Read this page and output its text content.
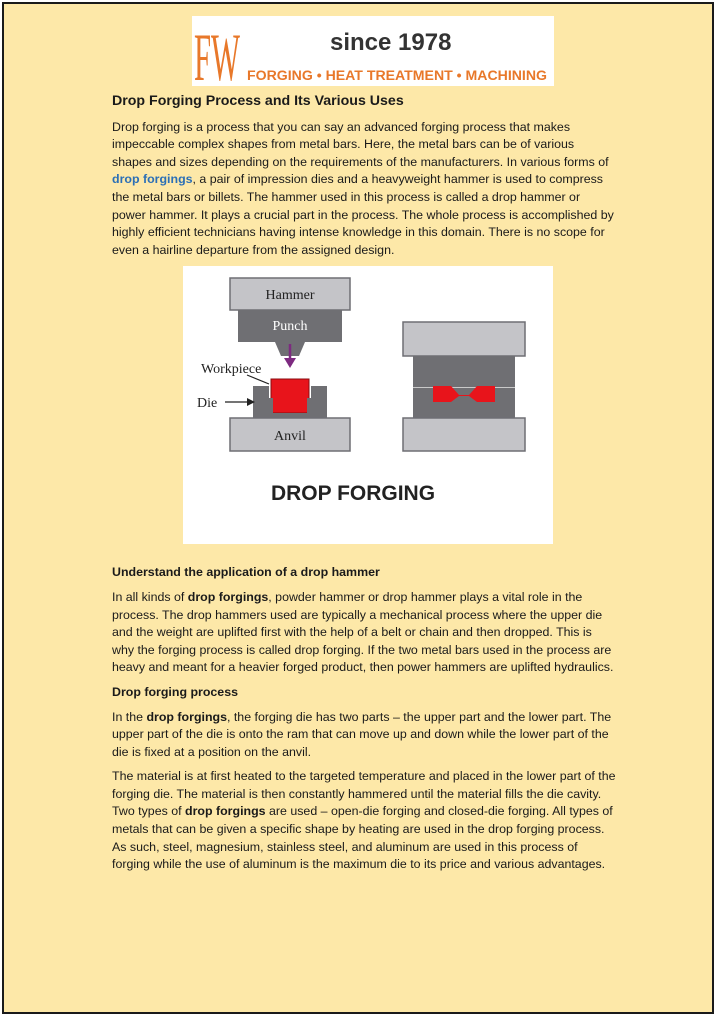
FW	since 1978
FORGING • HEAT TREATMENT • MACHINING
Drop Forging Process and Its Various Uses

Drop forging is a process that you can say an advanced forging process that makes impeccable complex shapes from metal bars. Here, the metal bars can be of various shapes and sizes depending on the requirements of the manufacturers. In various forms of drop forgings, a pair of impression dies and a heavyweight hammer is used to compress the metal bars or billets. The hammer used in this process is called a drop hammer or power hammer. It plays a crucial part in the process. The whole process is accomplished by highly efficient technicians having intense knowledge in this domain. There is no scope for even a hairline departure from the assigned design.

Hammer
Punch
Anvil
Workpiece
Die
DROP FORGING
Understand the application of a drop hammer

In all kinds of drop forgings, powder hammer or drop hammer plays a vital role in the process. The drop hammers used are typically a mechanical process where the upper die and the weight are uplifted first with the help of a belt or chain and then dropped. This is why the forging process is called drop forging. If the two metal bars used in the process are heavy and meant for a heavier forged product, then power hammers are uplifted hydraulics.

Drop forging process

In the drop forgings, the forging die has two parts – the upper part and the lower part. The upper part of the die is onto the ram that can move up and down while the lower part of the die is fixed at a position on the anvil.

The material is at first heated to the targeted temperature and placed in the lower part of the forging die. The material is then constantly hammered until the material fills the die cavity. Two types of drop forgings are used – open-die forging and closed-die forging. All types of metals that can be given a specific shape by heating are used in the drop forging process. As such, steel, magnesium, stainless steel, and aluminum are used in this process of forging while the use of aluminum is the maximum die to its price and various advantages.
